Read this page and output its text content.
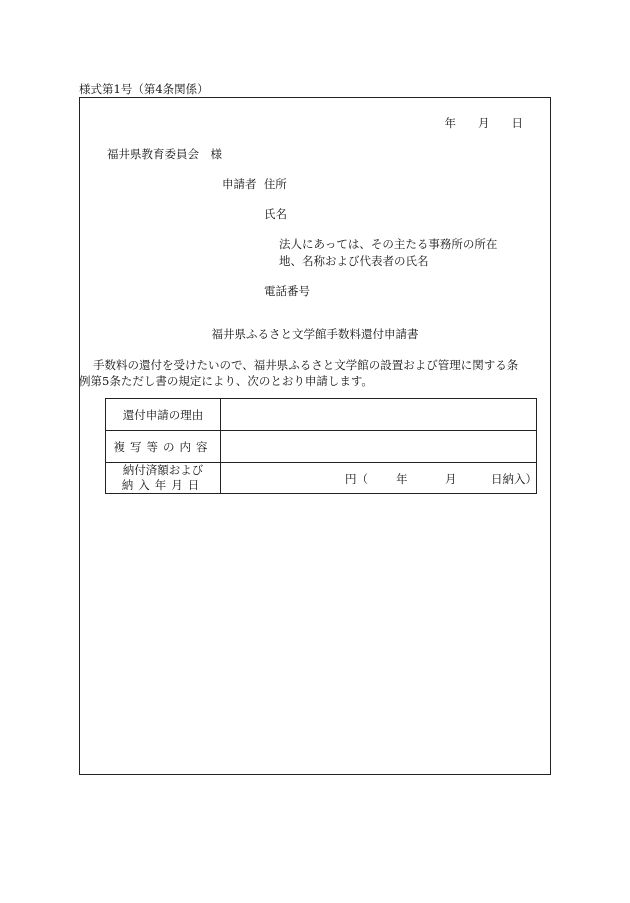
様式第1号（第4条関係）
年 月 日
福井県教育委員会　様
申請者 住所
氏名
法人にあっては、その主たる事務所の所在
地、名称および代表者の氏名
電話番号
福井県ふるさと文学館手数料還付申請書
手数料の還付を受けたいので、福井県ふるさと文学館の設置および管理に関する条
例第5条ただし書の規定により、次のとおり申請します。
還付申請の理由	
複写等の内容	
納付済額および
納入年月日	円（ 年 月 日納入）
